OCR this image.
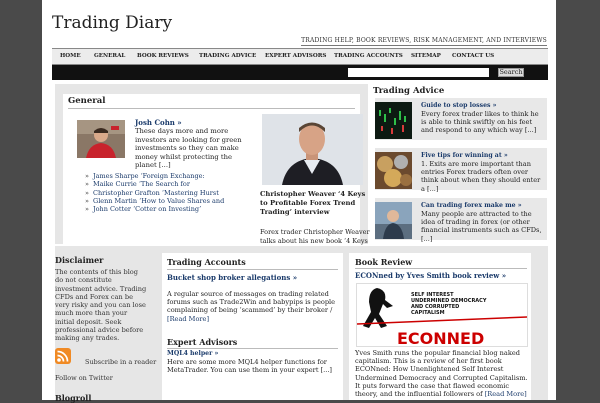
Trading Diary
TRADING HELP, BOOK REVIEWS, RISK MANAGEMENT, AND INTERVIEWS
HOME GENERAL BOOK REVIEWS TRADING ADVICE EXPERT ADVISORS TRADING ACCOUNTS SITEMAP CONTACT US
Search
General
Josh Cohn »
These days more and more investors are looking for green investments so they can make money whilst protecting the planet [...]
» James Sharpe ‘Foreign Exchange:
» Maike Currie ‘The Search for
» Christopher Grafton ‘Mastering Hurst
» Glenn Martin ‘How to Value Shares and
» John Cotter ‘Cotter on Investing’
Christopher Weaver ‘4 Keys to Profitable Forex Trend Trading’ interview
Forex trader Christopher Weaver talks about his new book ‘4 Keys
Trading Advice
Guide to stop losses »
Every forex trader likes to think he is able to think swiftly on his feet and respond to any which way [...]
Five tips for winning at »
1. Exits are more important than entries Forex traders often over think about when they should enter a [...]
Can trading forex make me »
Many people are attracted to the idea of trading in forex (or other financial instruments such as CFDs, [...]
Disclaimer
The contents of this blog do not constitute investment advice. Trading CFDs and Forex can be very risky and you can lose much more than your initial deposit. Seek professional advice before making any trades.
Subscribe in a reader
Follow on Twitter
Blogroll
Trading Accounts
Bucket shop broker allegations »
A regular source of messages on trading related forums such as Trade2Win and babypips is people complaining of being ‘scammed’ by their broker / [Read More]
Expert Advisors
MQL4 helper »
Here are some more MQL4 helper functions for MetaTrader. You can use them in your expert [...]
Book Review
ECONned by Yves Smith book review »
SELF INTEREST
UNDERMINED DEMOCRACY
AND CORRUPTED
CAPITALISM
ECONNED
Yves Smith runs the popular financial blog naked capitalism. This is a review of her first book ECONned: How Unenlightened Self Interest Undermined Democracy and Corrupted Capitalism. It puts forward the case that flawed economic theory, and the influential followers of [Read More]
